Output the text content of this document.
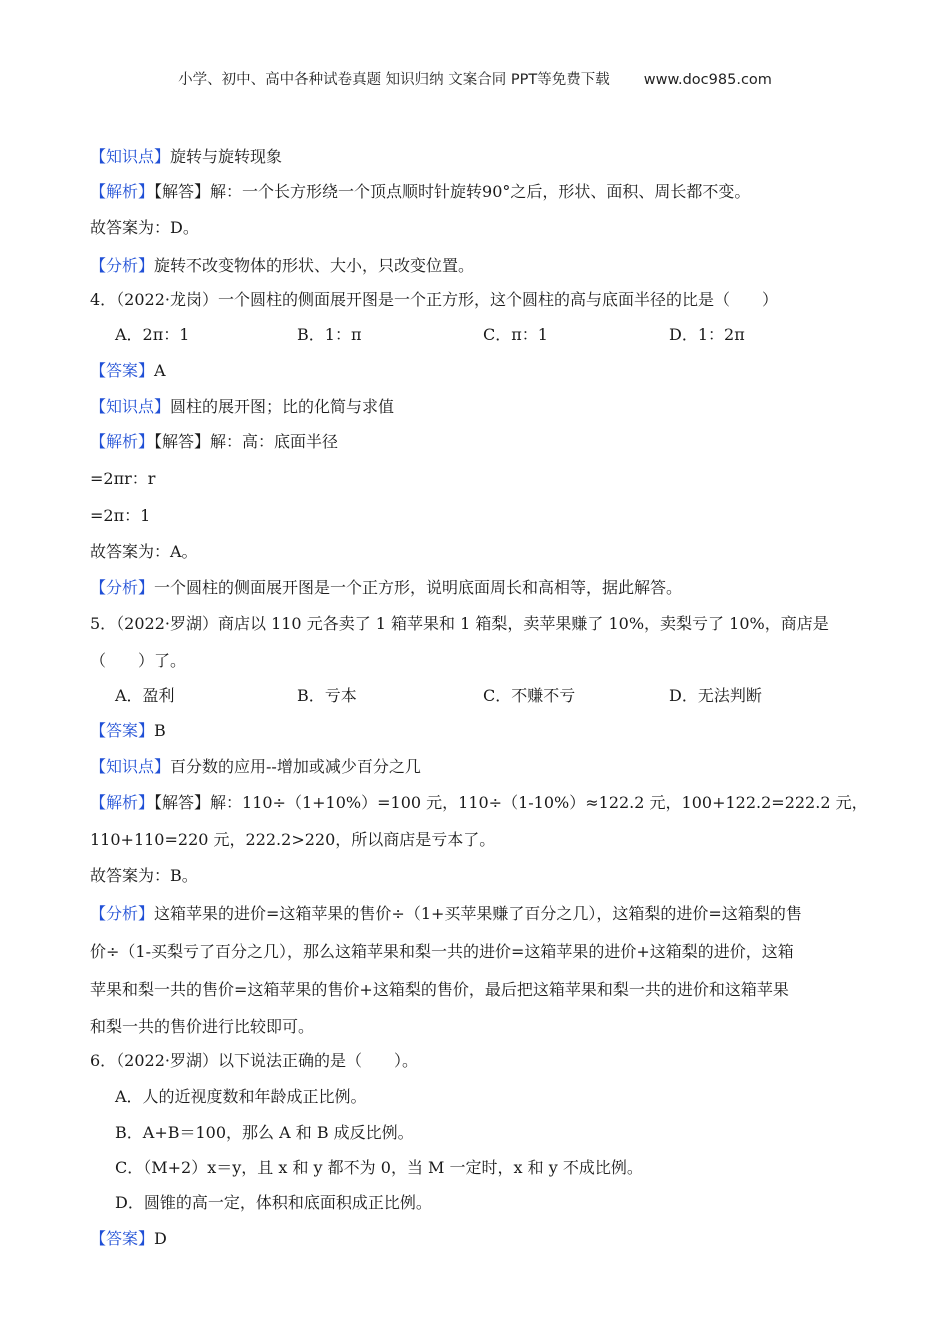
小学、初中、高中各种试卷真题 知识归纳 文案合同 PPT等免费下载 www.doc985.com
【知识点】旋转与旋转现象
【解析】【解答】解：一个长方形绕一个顶点顺时针旋转90°之后，形状、面积、周长都不变。
故答案为：D。
【分析】旋转不改变物体的形状、大小，只改变位置。
4．（2022·龙岗）一个圆柱的侧面展开图是一个正方形，这个圆柱的高与底面半径的比是（　　）
A．2π：1	B．1：π	C．π：1	D．1：2π
【答案】A
【知识点】圆柱的展开图；比的化简与求值
【解析】【解答】解：高：底面半径
=2πr：r
=2π：1
故答案为：A。
【分析】一个圆柱的侧面展开图是一个正方形，说明底面周长和高相等，据此解答。
5．（2022·罗湖）商店以 110 元各卖了 1 箱苹果和 1 箱梨，卖苹果赚了 10%，卖梨亏了 10%，商店是
（　　）了。
A．盈利	B．亏本	C．不赚不亏	D．无法判断
【答案】B
【知识点】百分数的应用--增加或减少百分之几
【解析】【解答】解：110÷（1+10%）=100 元，110÷（1-10%）≈122.2 元，100+122.2=222.2 元，
110+110=220 元，222.2>220，所以商店是亏本了。
故答案为：B。
【分析】这箱苹果的进价=这箱苹果的售价÷（1+买苹果赚了百分之几），这箱梨的进价=这箱梨的售
价÷（1-买梨亏了百分之几），那么这箱苹果和梨一共的进价=这箱苹果的进价+这箱梨的进价，这箱
苹果和梨一共的售价=这箱苹果的售价+这箱梨的售价，最后把这箱苹果和梨一共的进价和这箱苹果
和梨一共的售价进行比较即可。
6．（2022·罗湖）以下说法正确的是（　　）。
A．人的近视度数和年龄成正比例。
B．A+B＝100，那么 A 和 B 成反比例。
C．（M+2）x＝y，且 x 和 y 都不为 0，当 M 一定时，x 和 y 不成比例。
D．圆锥的高一定，体积和底面积成正比例。
【答案】D
